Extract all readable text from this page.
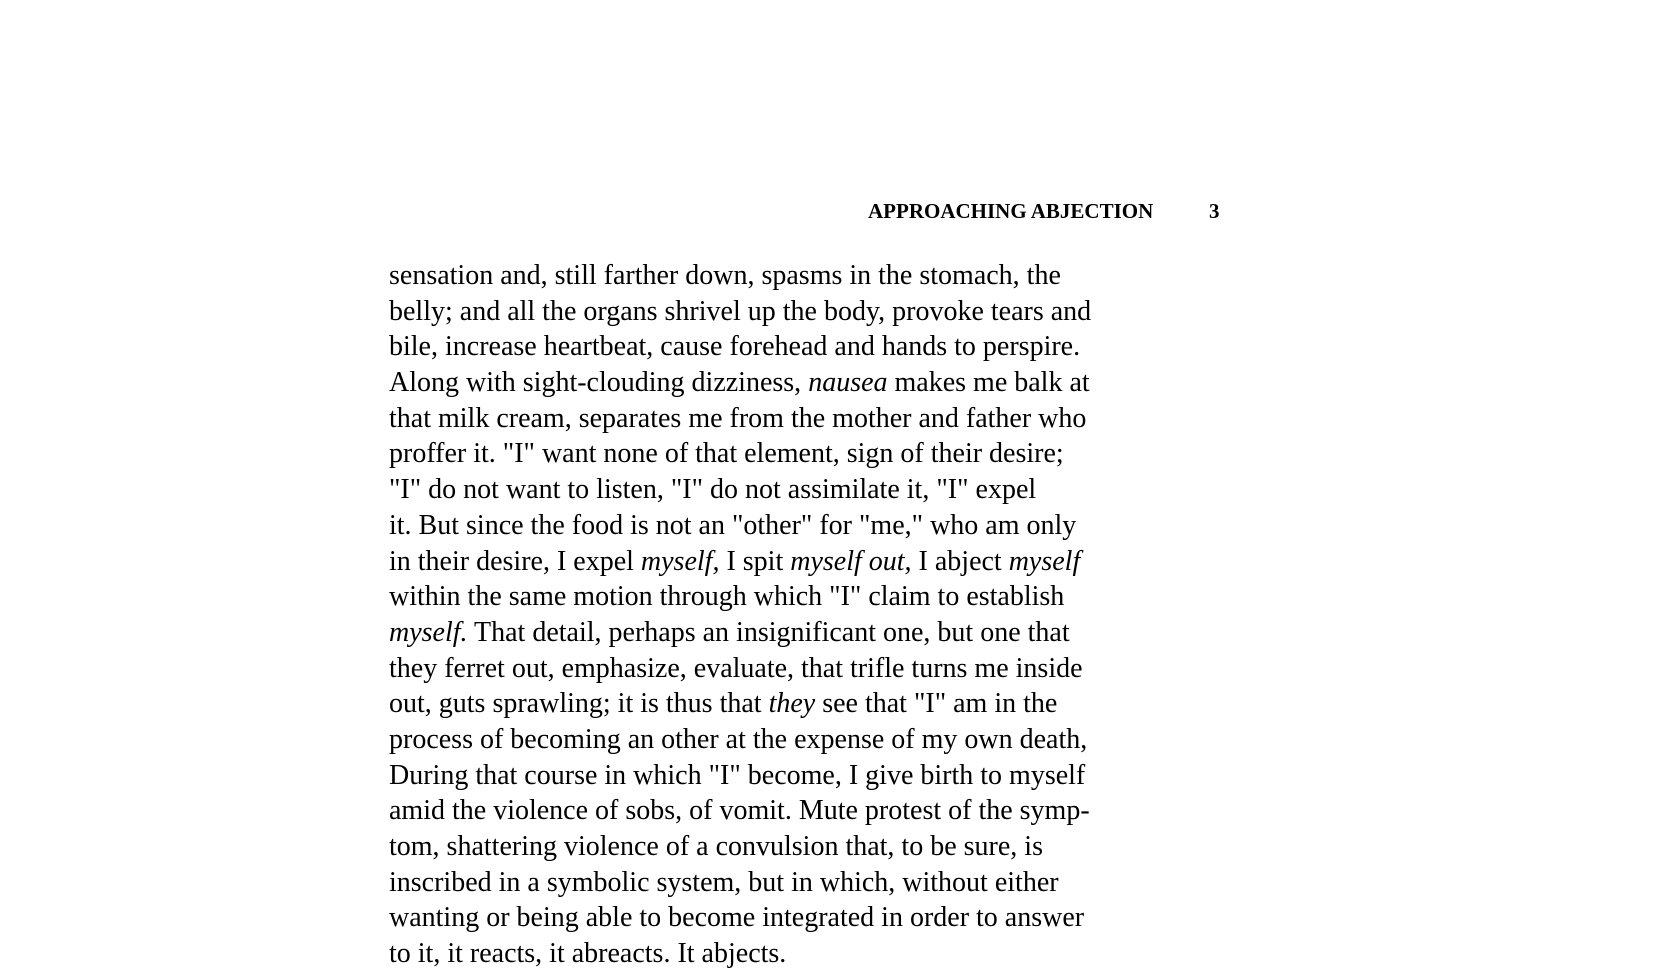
APPROACHING ABJECTION	3
sensation and, still farther down, spasms in the stomach, the
belly; and all the organs shrivel up the body, provoke tears and
bile, increase heartbeat, cause forehead and hands to perspire.
Along with sight-clouding dizziness, nausea makes me balk at
that milk cream, separates me from the mother and father who
proffer it. "I" want none of that element, sign of their desire;
"I" do not want to listen, "I" do not assimilate it, "I" expel
it. But since the food is not an "other" for "me," who am only
in their desire, I expel myself, I spit myself out, I abject myself
within the same motion through which "I" claim to establish
myself. That detail, perhaps an insignificant one, but one that
they ferret out, emphasize, evaluate, that trifle turns me inside
out, guts sprawling; it is thus that they see that "I" am in the
process of becoming an other at the expense of my own death,
During that course in which "I" become, I give birth to myself
amid the violence of sobs, of vomit. Mute protest of the symp-
tom, shattering violence of a convulsion that, to be sure, is
inscribed in a symbolic system, but in which, without either
wanting or being able to become integrated in order to answer
to it, it reacts, it abreacts. It abjects.
